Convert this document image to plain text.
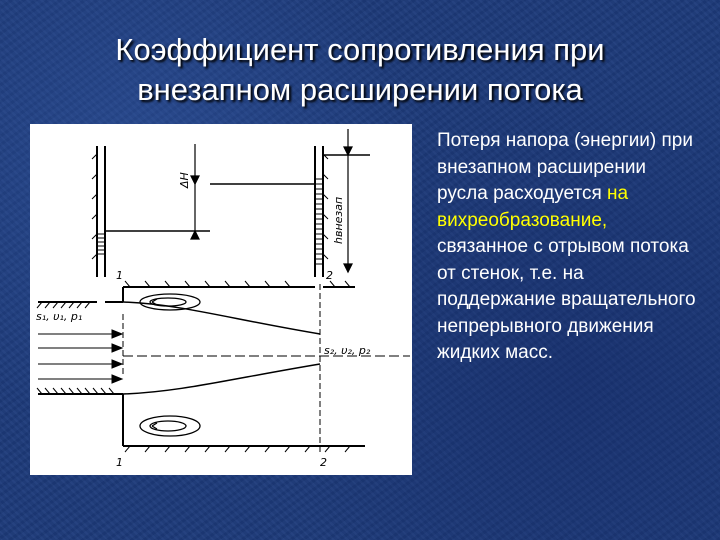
Коэффициент сопротивления при
внезапном расширении потока
1	2
1	2
s₁, υ₁, p₁
s₂, υ₂, p₂
ΔH
hвнезап
Потеря напора (энергии) при внезапном расширении русла расходуется на вихреобразование, связанное с отрывом потока от стенок, т.е. на поддержание вращательного непрерывного движения жидких масс.
